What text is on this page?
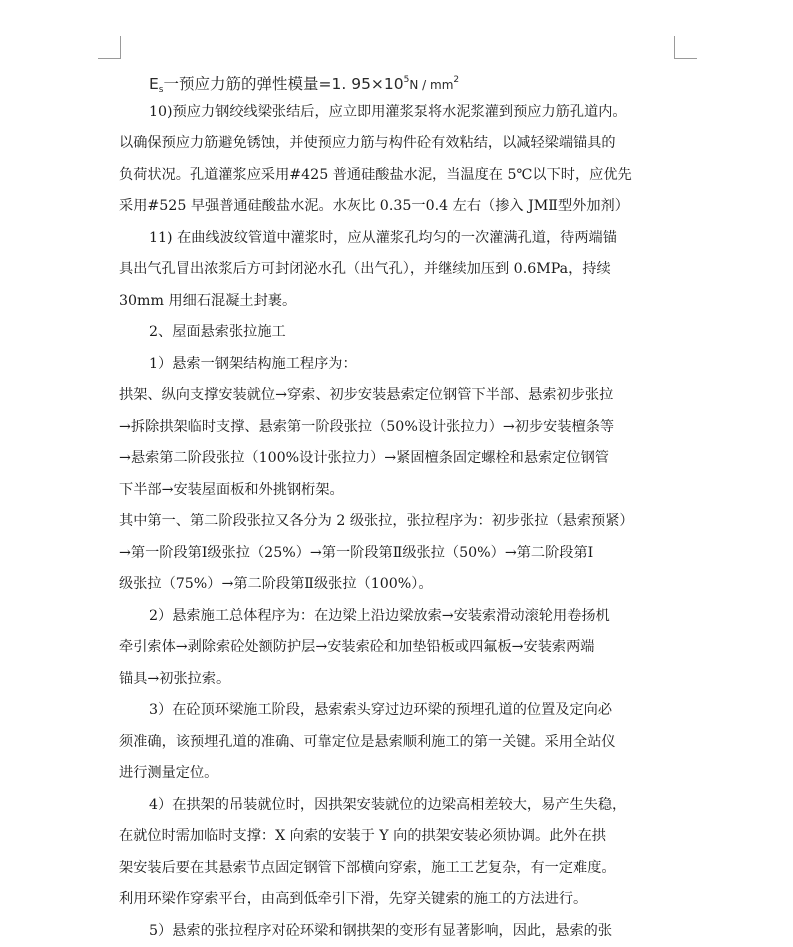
$E_s$一预应力筋的弹性模量=1. $95\times 10^5N / mm^2$
10)预应力钢绞线梁张结后，应立即用灌浆泵将水泥浆灌到预应力筋孔道内。
以确保预应力筋避免锈蚀，并使预应力筋与构件砼有效粘结，以减轻梁端锚具的
负荷状况。孔道灌浆应采用#425 普通硅酸盐水泥，当温度在 5℃以下时，应优先
采用#525 早强普通硅酸盐水泥。水灰比 0.35一0.4 左右（掺入 JMⅡ型外加剂）
11) 在曲线波纹管道中灌浆时，应从灌浆孔均匀的一次灌满孔道，待两端锚
具出气孔冒出浓浆后方可封闭泌水孔（出气孔），并继续加压到 0.6MPa，持续
30mm 用细石混凝土封裹。
2、屋面悬索张拉施工
1）悬索一钢架结构施工程序为：
拱架、纵向支撑安装就位→穿索、初步安装悬索定位钢管下半部、悬索初步张拉
→拆除拱架临时支撑、悬索第一阶段张拉（50%设计张拉力）→初步安装檀条等
→悬索第二阶段张拉（100%设计张拉力）→紧固檀条固定螺栓和悬索定位钢管
下半部→安装屋面板和外挑钢桁架。
其中第一、第二阶段张拉又各分为 2 级张拉，张拉程序为：初步张拉（悬索预紧）
→第一阶段第Ⅰ级张拉（25%）→第一阶段第Ⅱ级张拉（50%）→第二阶段第Ⅰ
级张拉（75%）→第二阶段第Ⅱ级张拉（100%）。
2）悬索施工总体程序为：在边梁上沿边梁放索→安装索滑动滚轮用卷扬机
牵引索体→剥除索砼处额防护层→安装索砼和加垫铅板或四氟板→安装索两端
锚具→初张拉索。
3）在砼顶环梁施工阶段，悬索索头穿过边环梁的预埋孔道的位置及定向必
须准确，该预埋孔道的准确、可靠定位是悬索顺利施工的第一关键。采用全站仪
进行测量定位。
4）在拱架的吊装就位时，因拱架安装就位的边梁高相差较大，易产生失稳，
在就位时需加临时支撑：X 向索的安装于 Y 向的拱架安装必须协调。此外在拱
架安装后要在其悬索节点固定钢管下部横向穿索，施工工艺复杂，有一定难度。
利用环梁作穿索平台，由高到低牵引下滑，先穿关键索的施工的方法进行。
5）悬索的张拉程序对砼环梁和钢拱架的变形有显著影响，因此，悬索的张
